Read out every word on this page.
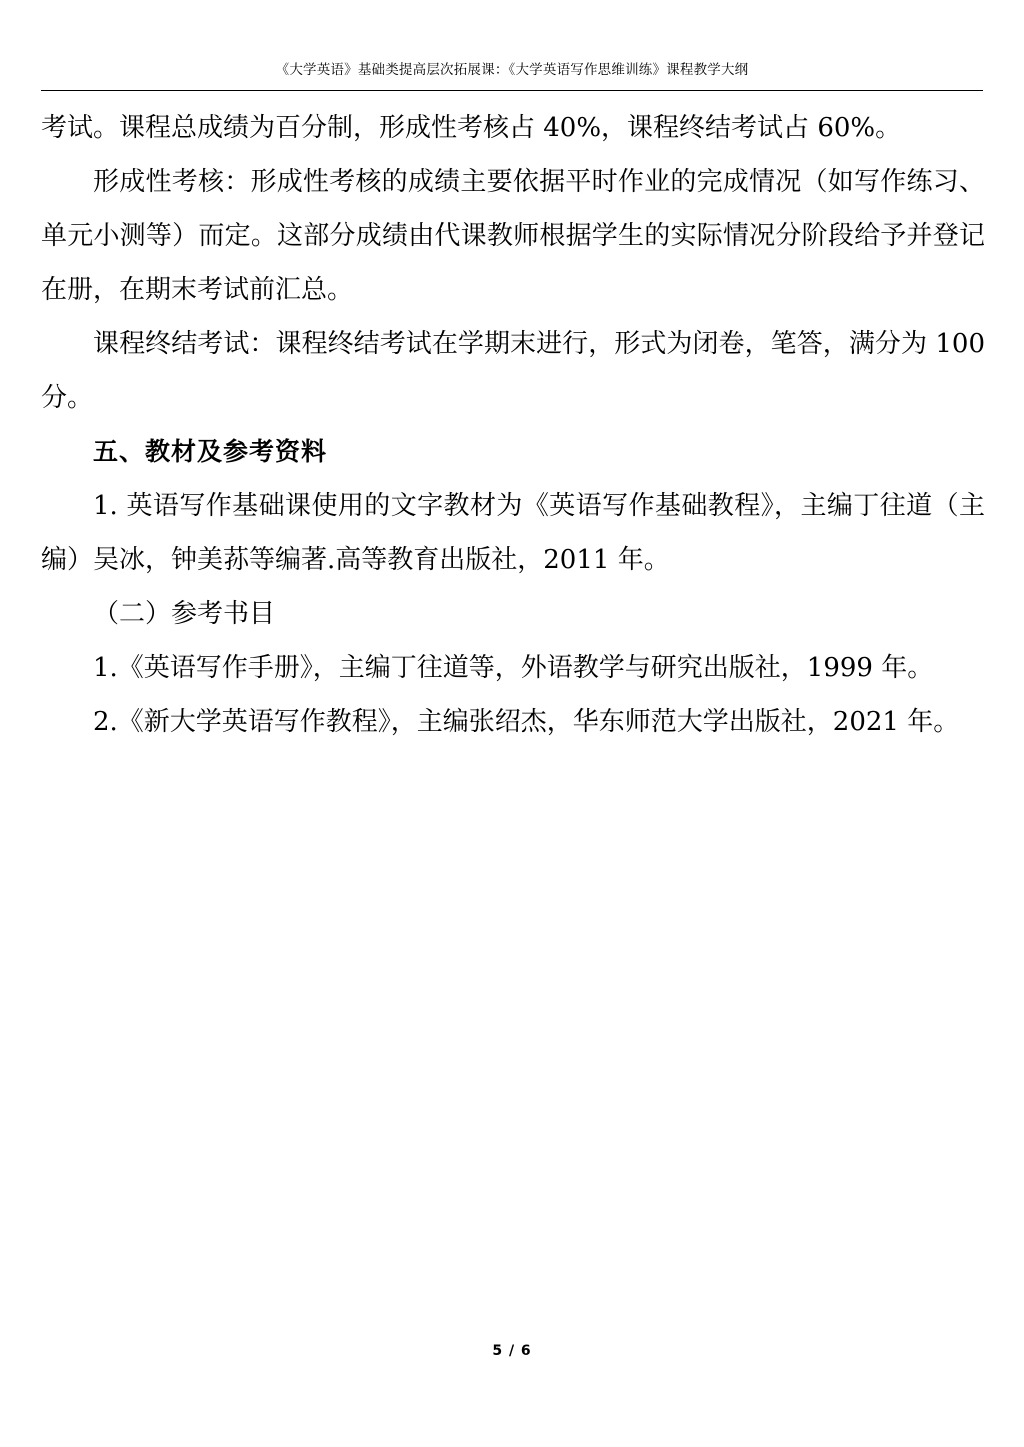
《大学英语》基础类提高层次拓展课：《大学英语写作思维训练》课程教学大纲

考试。课程总成绩为百分制，形成性考核占 40%，课程终结考试占 60%。

形成性考核：形成性考核的成绩主要依据平时作业的完成情况（如写作练习、单元小测等）而定。这部分成绩由代课教师根据学生的实际情况分阶段给予并登记在册，在期末考试前汇总。

课程终结考试：课程终结考试在学期末进行，形式为闭卷，笔答，满分为 100 分。

五、教材及参考资料

1. 英语写作基础课使用的文字教材为《英语写作基础教程》，主编丁往道（主编）吴冰，钟美荪等编著.高等教育出版社，2011 年。

（二）参考书目

1.《英语写作手册》，主编丁往道等，外语教学与研究出版社，1999 年。

2.《新大学英语写作教程》，主编张绍杰，华东师范大学出版社，2021 年。

5 / 6
